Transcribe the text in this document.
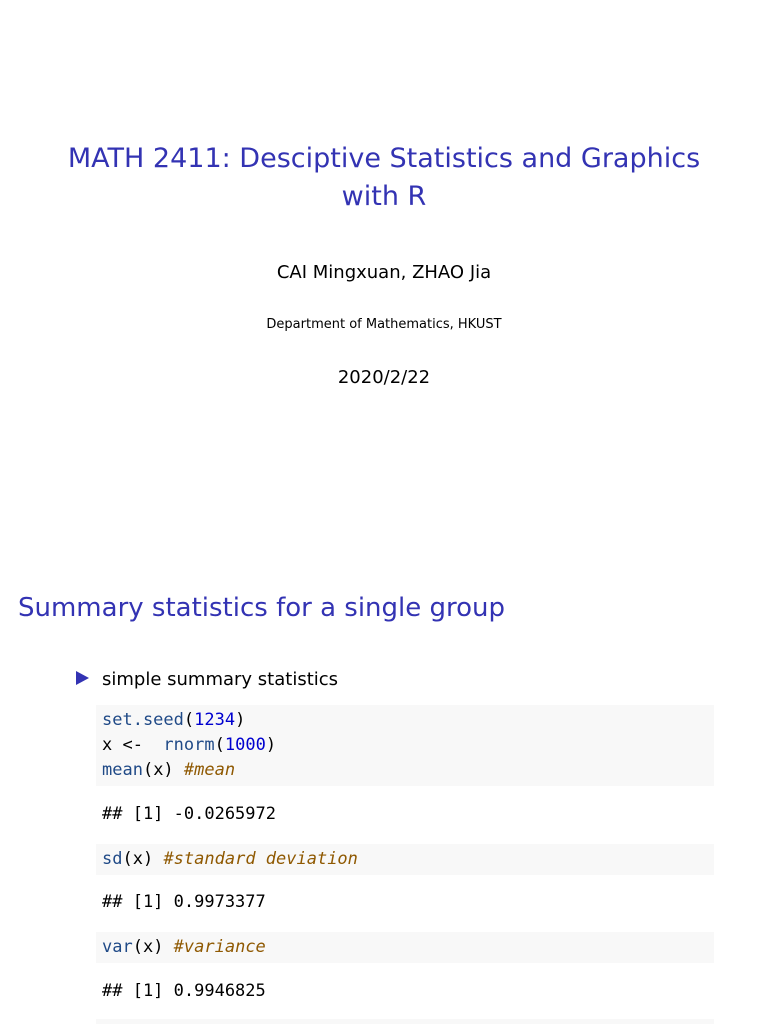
MATH 2411: Desciptive Statistics and Graphics
with R
CAI Mingxuan, ZHAO Jia
Department of Mathematics, HKUST
2020/2/22
Summary statistics for a single group
simple summary statistics
set.seed(1234)
x <-  rnorm(1000)
mean(x) #mean
## [1] -0.0265972
sd(x) #standard deviation
## [1] 0.9973377
var(x) #variance
## [1] 0.9946825
